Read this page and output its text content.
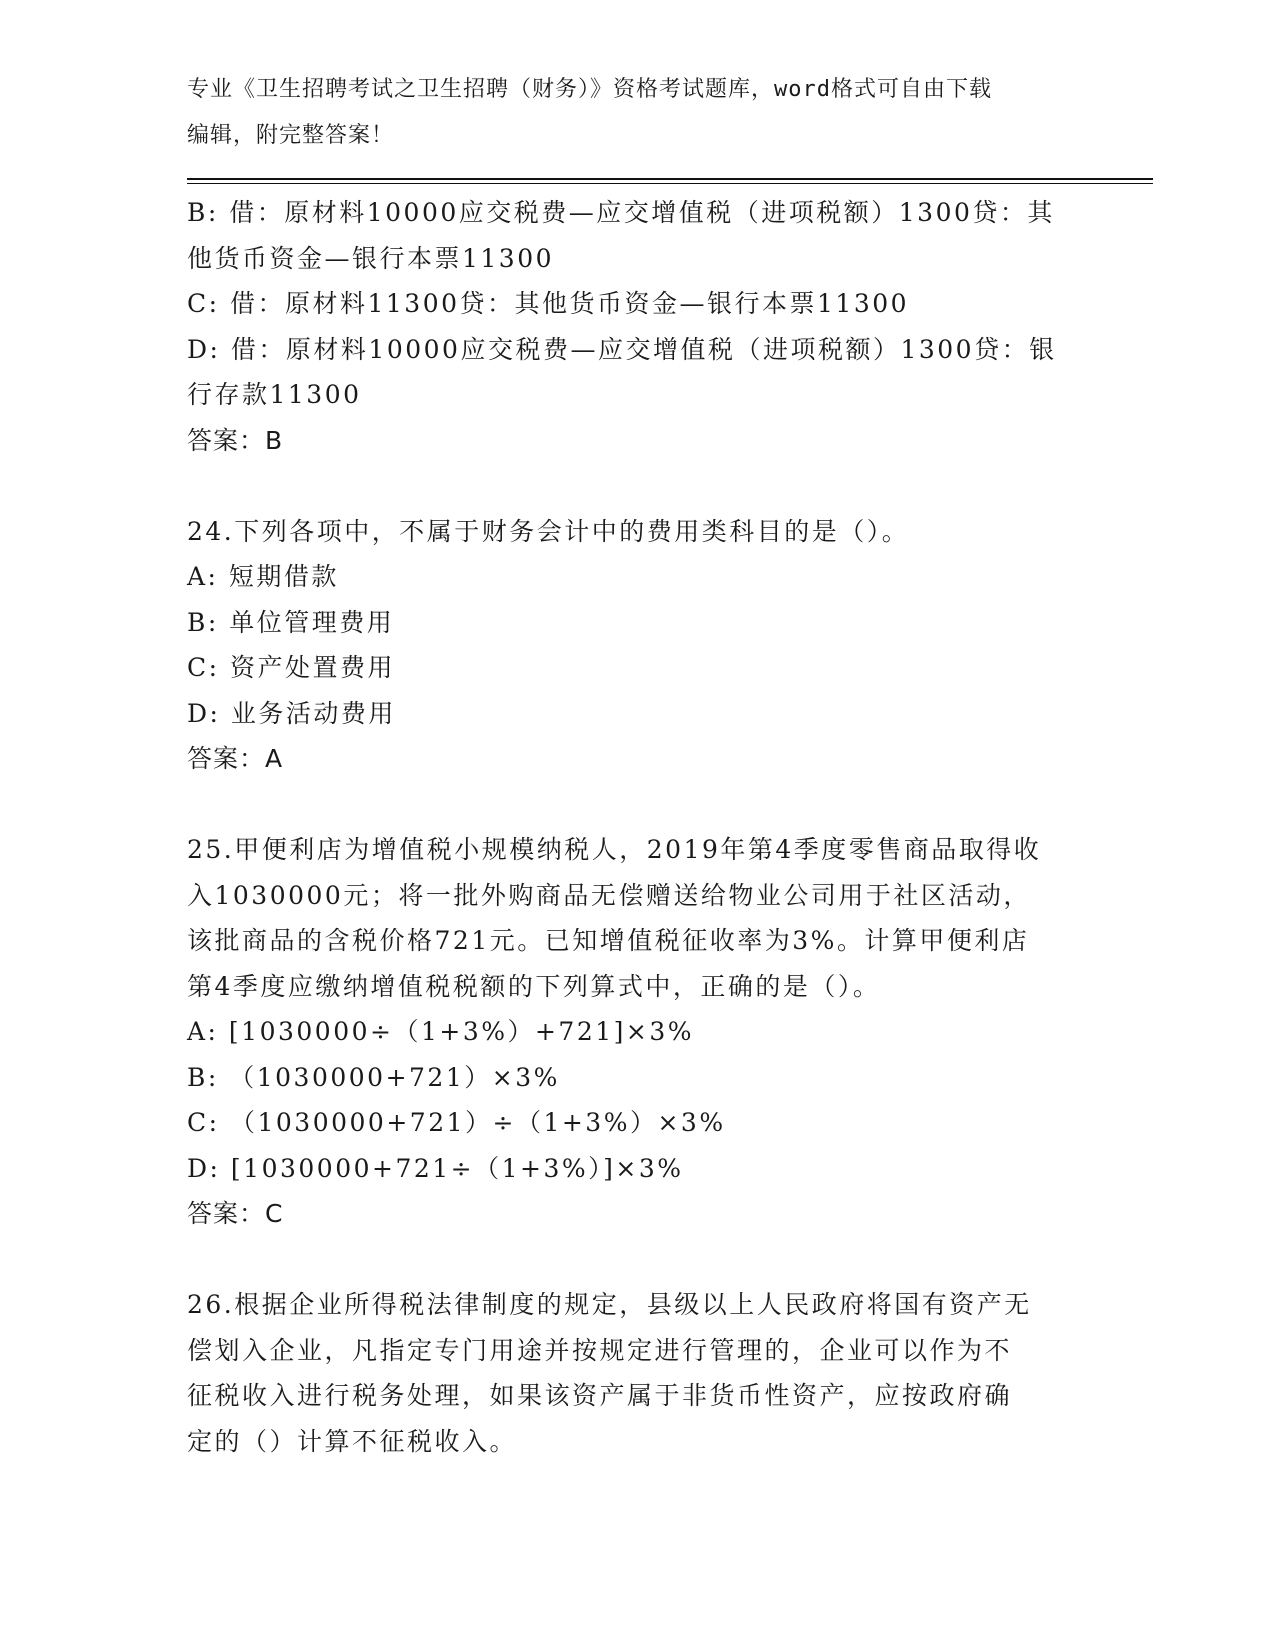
专业《卫生招聘考试之卫生招聘（财务）》资格考试题库，word格式可自由下载
编辑，附完整答案！
B: 借：原材料10000应交税费—应交增值税（进项税额）1300贷：其
他货币资金—银行本票11300
C: 借：原材料11300贷：其他货币资金—银行本票11300
D: 借：原材料10000应交税费—应交增值税（进项税额）1300贷：银
行存款11300
答案：B
24.下列各项中，不属于财务会计中的费用类科目的是（）。
A: 短期借款
B: 单位管理费用
C: 资产处置费用
D: 业务活动费用
答案：A
25.甲便利店为增值税小规模纳税人，2019年第4季度零售商品取得收
入1030000元；将一批外购商品无偿赠送给物业公司用于社区活动，
该批商品的含税价格721元。已知增值税征收率为3%。计算甲便利店
第4季度应缴纳增值税税额的下列算式中，正确的是（）。
A: [1030000÷（1+3%）+721]×3%
B: （1030000+721）×3%
C: （1030000+721）÷（1+3%）×3%
D: [1030000+721÷（1+3%）]×3%
答案：C
26.根据企业所得税法律制度的规定，县级以上人民政府将国有资产无
偿划入企业，凡指定专门用途并按规定进行管理的，企业可以作为不
征税收入进行税务处理，如果该资产属于非货币性资产，应按政府确
定的（）计算不征税收入。
